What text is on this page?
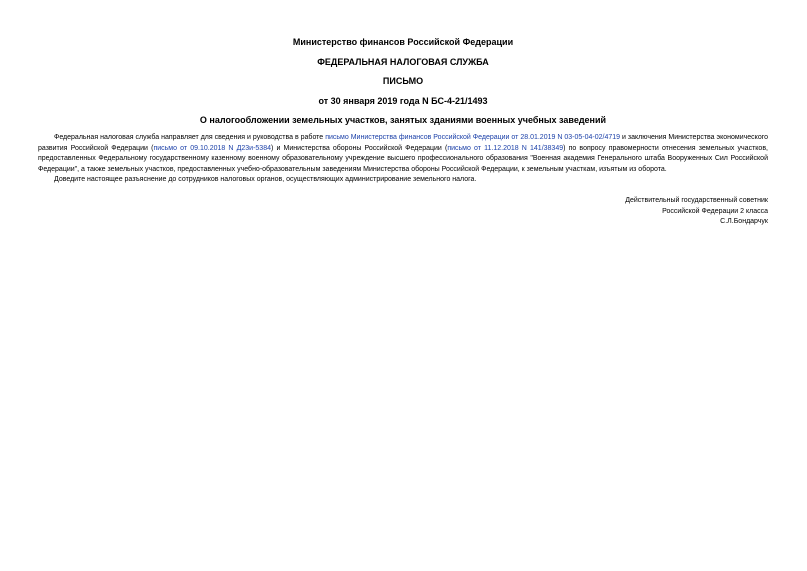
Министерство финансов Российской Федерации
ФЕДЕРАЛЬНАЯ НАЛОГОВАЯ СЛУЖБА
ПИСЬМО
от 30 января 2019 года N БС-4-21/1493
О налогообложении земельных участков, занятых зданиями военных учебных заведений

Федеральная налоговая служба направляет для сведения и руководства в работе письмо Министерства финансов Российской Федерации от 28.01.2019 N 03-05-04-02/4719 и заключения Министерства экономического развития Российской Федерации (письмо от 09.10.2018 N Д23и-5384) и Министерства обороны Российской Федерации (письмо от 11.12.2018 N 141/38349) по вопросу правомерности отнесения земельных участков, предоставленных Федеральному государственному казенному военному образовательному учреждение высшего профессионального образования "Военная академия Генерального штаба Вооруженных Сил Российской Федерации", а также земельных участков, предоставленных учебно-образовательным заведениям Министерства обороны Российской Федерации, к земельным участкам, изъятым из оборота.

Доведите настоящее разъяснение до сотрудников налоговых органов, осуществляющих администрирование земельного налога.

Действительный государственный советник
Российской Федерации 2 класса
С.Л.Бондарчук
